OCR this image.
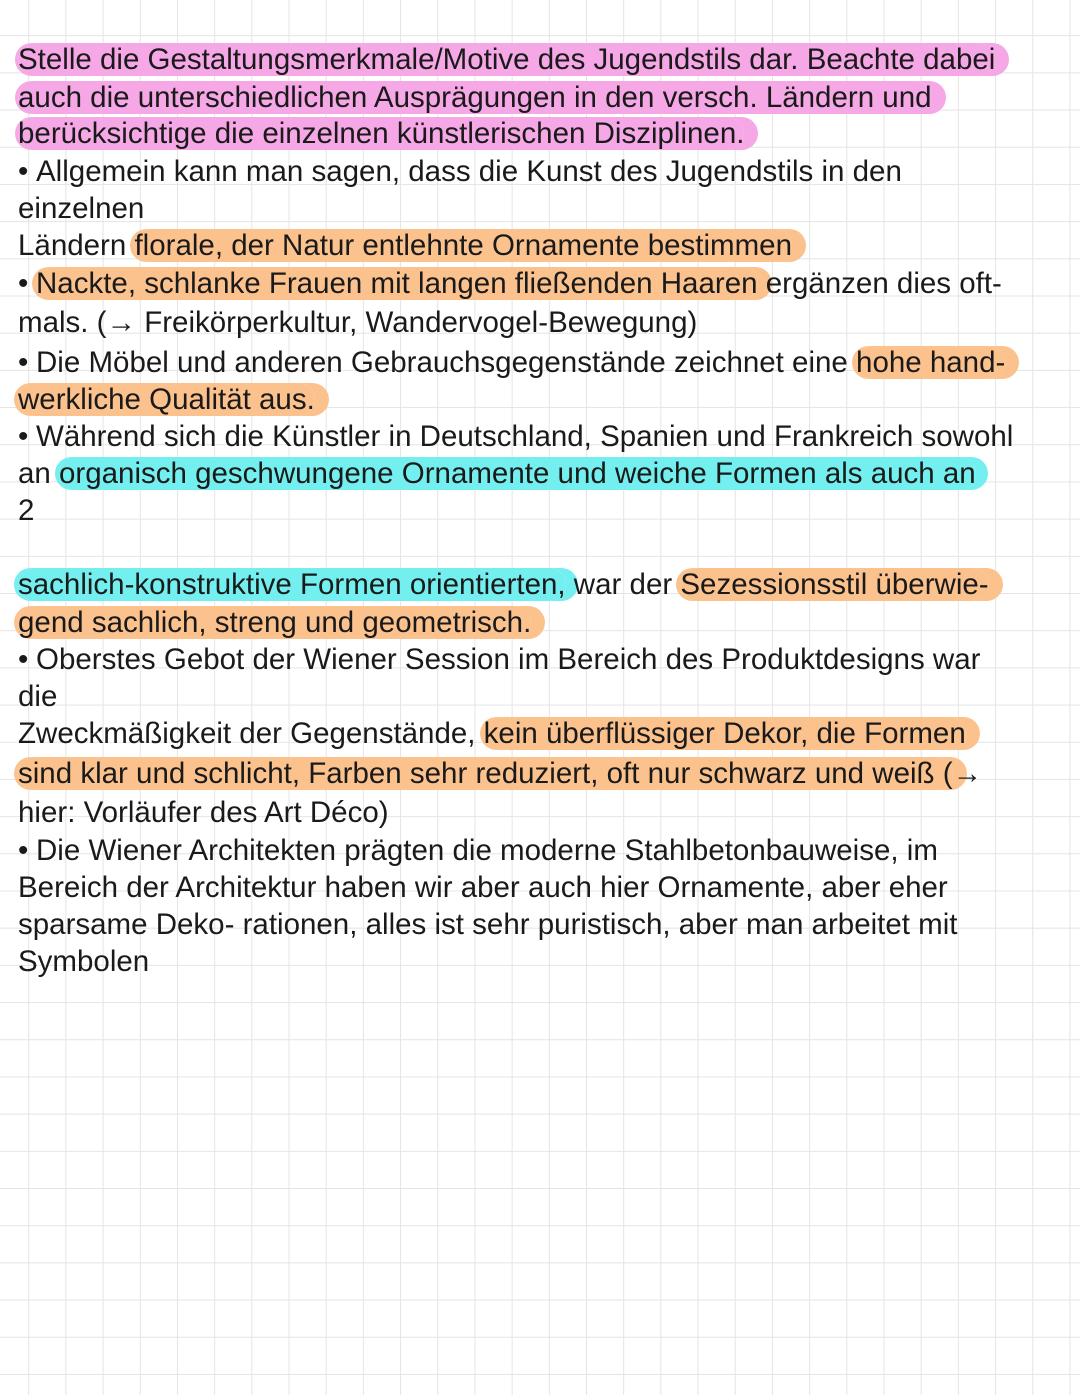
Stelle die Gestaltungsmerkmale/Motive des Jugendstils dar. Beachte dabei
auch die unterschiedlichen Ausprägungen in den versch. Ländern und
berücksichtige die einzelnen künstlerischen Disziplinen.
• Allgemein kann man sagen, dass die Kunst des Jugendstils in den
einzelnen
Ländern florale, der Natur entlehnte Ornamente bestimmen
• Nackte, schlanke Frauen mit langen fließenden Haaren ergänzen dies oft-
mals. (→ Freikörperkultur, Wandervogel-Bewegung)
• Die Möbel und anderen Gebrauchsgegenstände zeichnet eine hohe hand-
werkliche Qualität aus.
• Während sich die Künstler in Deutschland, Spanien und Frankreich sowohl
an organisch geschwungene Ornamente und weiche Formen als auch an
2
sachlich-konstruktive Formen orientierten, war der Sezessionsstil überwie-
gend sachlich, streng und geometrisch.
• Oberstes Gebot der Wiener Session im Bereich des Produktdesigns war
die
Zweckmäßigkeit der Gegenstände, kein überflüssiger Dekor, die Formen
sind klar und schlicht, Farben sehr reduziert, oft nur schwarz und weiß (→
hier: Vorläufer des Art Déco)
• Die Wiener Architekten prägten die moderne Stahlbetonbauweise, im
Bereich der Architektur haben wir aber auch hier Ornamente, aber eher
sparsame Deko- rationen, alles ist sehr puristisch, aber man arbeitet mit
Symbolen
